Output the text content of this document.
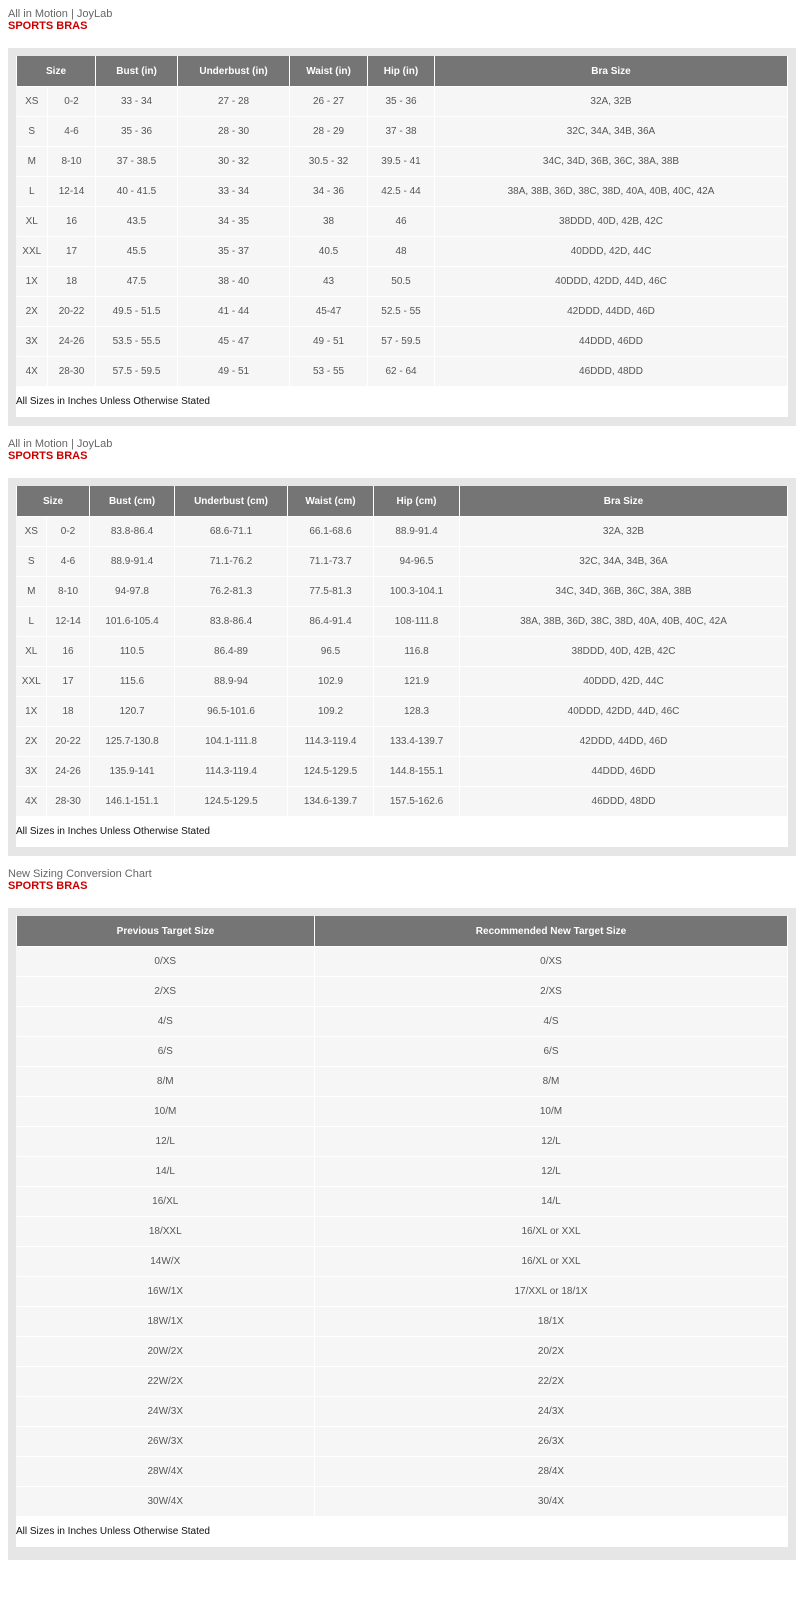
All in Motion | JoyLab
SPORTS BRAS
Size		Bust (in)	Underbust (in)	Waist (in)	Hip (in)	Bra Size
XS	0-2	33 - 34	27 - 28	26 - 27	35 - 36	32A, 32B
S	4-6	35 - 36	28 - 30	28 - 29	37 - 38	32C, 34A, 34B, 36A
M	8-10	37 - 38.5	30 - 32	30.5 - 32	39.5 - 41	34C, 34D, 36B, 36C, 38A, 38B
L	12-14	40 - 41.5	33 - 34	34 - 36	42.5 - 44	38A, 38B, 36D, 38C, 38D, 40A, 40B, 40C, 42A
XL	16	43.5	34 - 35	38	46	38DDD, 40D, 42B, 42C
XXL	17	45.5	35 - 37	40.5	48	40DDD, 42D, 44C
1X	18	47.5	38 - 40	43	50.5	40DDD, 42DD, 44D, 46C
2X	20-22	49.5 - 51.5	41 - 44	45-47	52.5 - 55	42DDD, 44DD, 46D
3X	24-26	53.5 - 55.5	45 - 47	49 - 51	57 - 59.5	44DDD, 46DD
4X	28-30	57.5 - 59.5	49 - 51	53 - 55	62 - 64	46DDD, 48DD
All Sizes in Inches Unless Otherwise Stated
All in Motion | JoyLab
SPORTS BRAS
Size		Bust (cm)	Underbust (cm)	Waist (cm)	Hip (cm)	Bra Size
XS	0-2	83.8-86.4	68.6-71.1	66.1-68.6	88.9-91.4	32A, 32B
S	4-6	88.9-91.4	71.1-76.2	71.1-73.7	94-96.5	32C, 34A, 34B, 36A
M	8-10	94-97.8	76.2-81.3	77.5-81.3	100.3-104.1	34C, 34D, 36B, 36C, 38A, 38B
L	12-14	101.6-105.4	83.8-86.4	86.4-91.4	108-111.8	38A, 38B, 36D, 38C, 38D, 40A, 40B, 40C, 42A
XL	16	110.5	86.4-89	96.5	116.8	38DDD, 40D, 42B, 42C
XXL	17	115.6	88.9-94	102.9	121.9	40DDD, 42D, 44C
1X	18	120.7	96.5-101.6	109.2	128.3	40DDD, 42DD, 44D, 46C
2X	20-22	125.7-130.8	104.1-111.8	114.3-119.4	133.4-139.7	42DDD, 44DD, 46D
3X	24-26	135.9-141	114.3-119.4	124.5-129.5	144.8-155.1	44DDD, 46DD
4X	28-30	146.1-151.1	124.5-129.5	134.6-139.7	157.5-162.6	46DDD, 48DD
All Sizes in Inches Unless Otherwise Stated
New Sizing Conversion Chart
SPORTS BRAS
Previous Target Size	Recommended New Target Size
0/XS	0/XS
2/XS	2/XS
4/S	4/S
6/S	6/S
8/M	8/M
10/M	10/M
12/L	12/L
14/L	12/L
16/XL	14/L
18/XXL	16/XL or XXL
14W/X	16/XL or XXL
16W/1X	17/XXL or 18/1X
18W/1X	18/1X
20W/2X	20/2X
22W/2X	22/2X
24W/3X	24/3X
26W/3X	26/3X
28W/4X	28/4X
30W/4X	30/4X
All Sizes in Inches Unless Otherwise Stated
